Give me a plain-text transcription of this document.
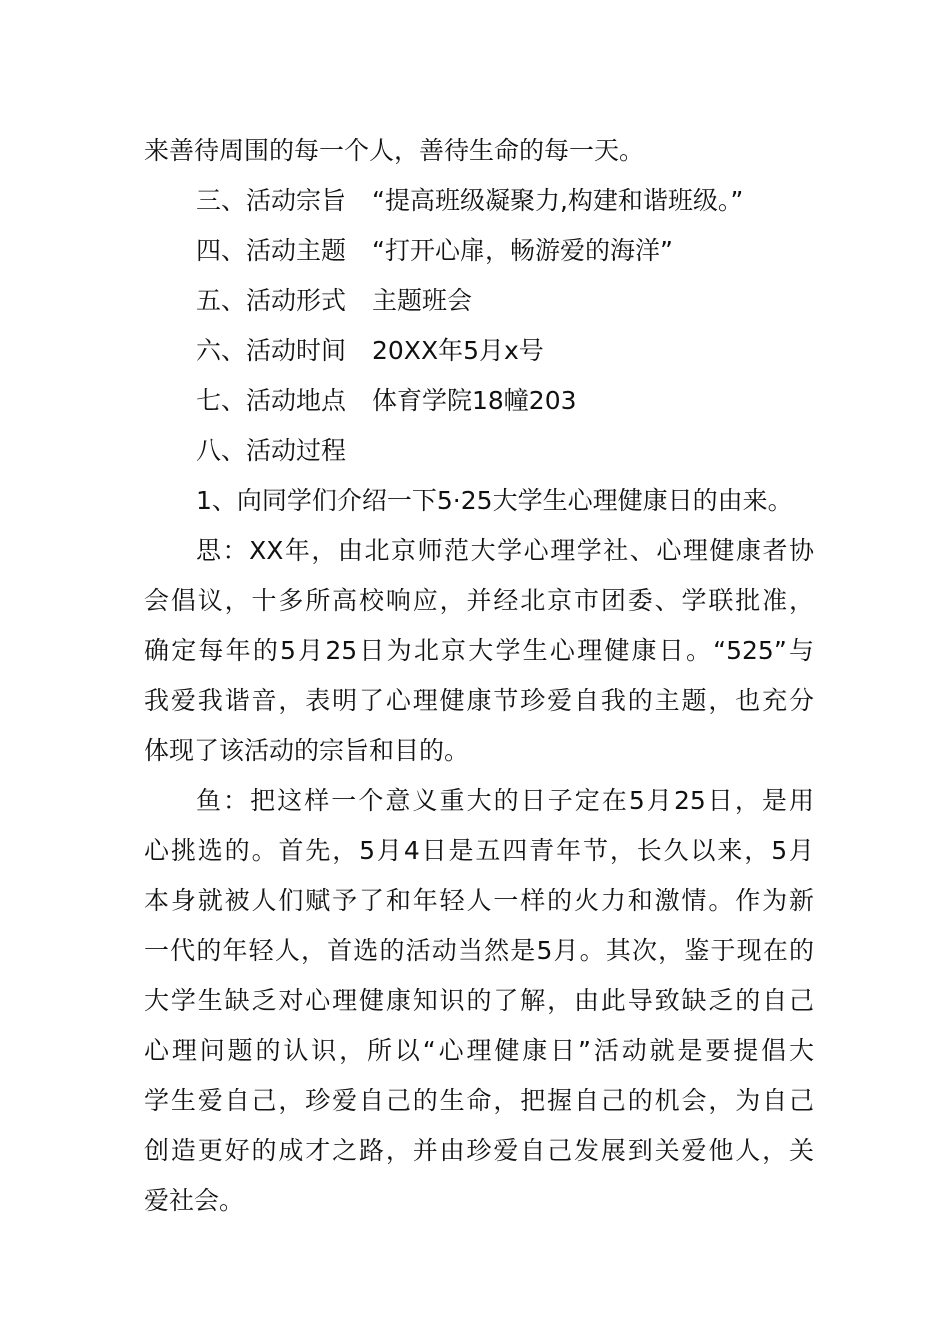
来善待周围的每一个人，善待生命的每一天。
三、活动宗旨 “提高班级凝聚力,构建和谐班级。”
四、活动主题 “打开心扉，畅游爱的海洋”
五、活动形式 主题班会
六、活动时间 20XX年5月x号
七、活动地点 体育学院18幢203
八、活动过程
1、向同学们介绍一下5·25大学生心理健康日的由来。
思：XX年，由北京师范大学心理学社、心理健康者协
会倡议，十多所高校响应，并经北京市团委、学联批准，
确定每年的5月25日为北京大学生心理健康日。“525”与
我爱我谐音，表明了心理健康节珍爱自我的主题，也充分
体现了该活动的宗旨和目的。
鱼：把这样一个意义重大的日子定在5月25日，是用
心挑选的。首先，5月4日是五四青年节，长久以来，5月
本身就被人们赋予了和年轻人一样的火力和激情。作为新
一代的年轻人，首选的活动当然是5月。其次，鉴于现在的
大学生缺乏对心理健康知识的了解，由此导致缺乏的自己
心理问题的认识，所以“心理健康日”活动就是要提倡大
学生爱自己，珍爱自己的生命，把握自己的机会，为自己
创造更好的成才之路，并由珍爱自己发展到关爱他人，关
爱社会。
